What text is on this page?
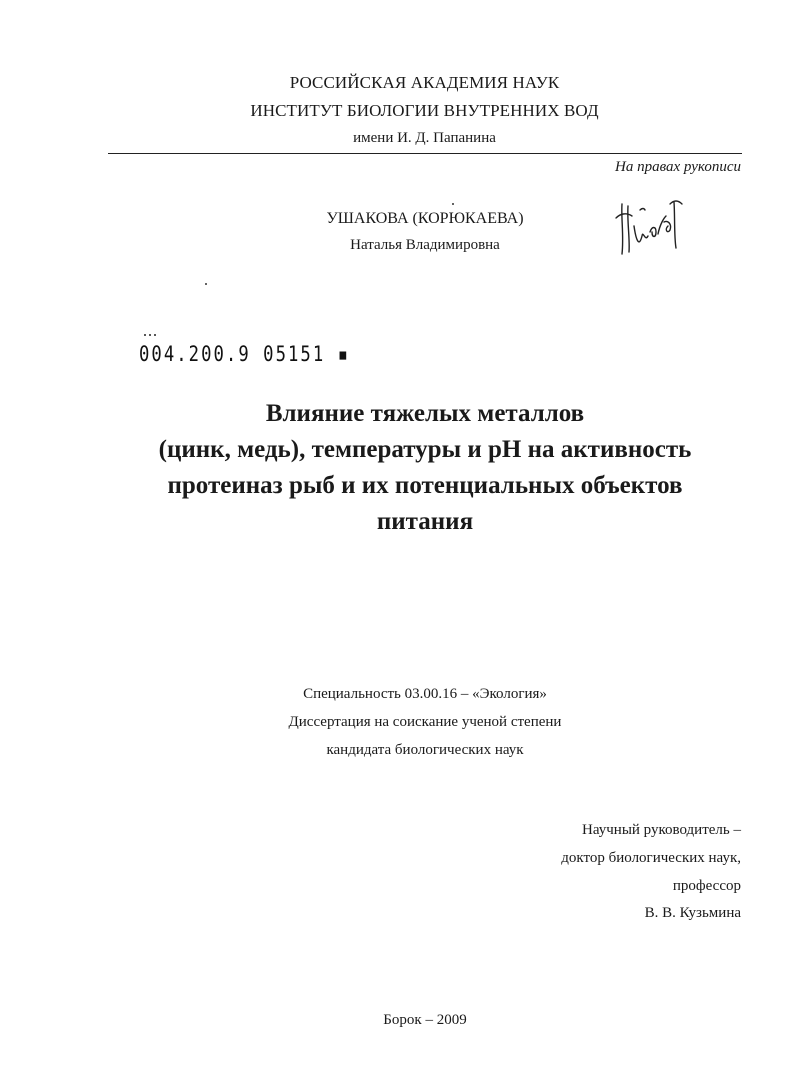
РОССИЙСКАЯ АКАДЕМИЯ НАУК
ИНСТИТУТ БИОЛОГИИ ВНУТРЕННИХ ВОД
имени И. Д. Папанина
На правах рукописи
УШАКОВА (КОРЮКАЕВА)
Наталья Владимировна
004.200.9 05151 ▪
Влияние тяжелых металлов
(цинк, медь), температуры и pH на активность
протеиназ рыб и их потенциальных объектов
питания
Специальность 03.00.16 – «Экология»
Диссертация на соискание ученой степени
кандидата биологических наук
Научный руководитель –
доктор биологических наук,
профессор
В. В. Кузьмина
Борок – 2009
